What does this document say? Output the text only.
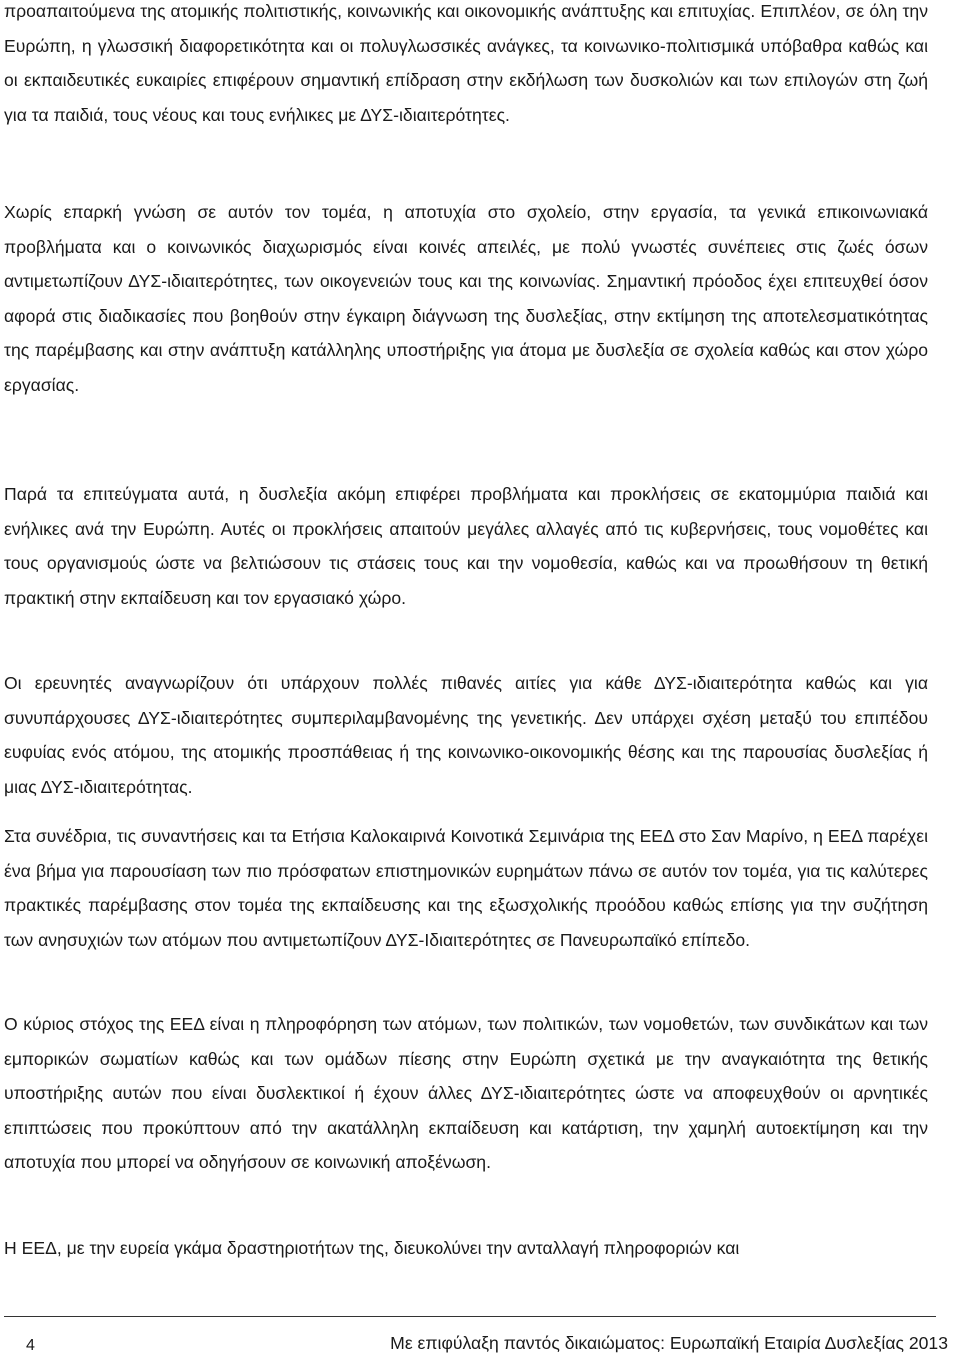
προαπαιτούμενα της ατομικής πολιτιστικής, κοινωνικής και οικονομικής ανάπτυξης και επιτυχίας. Επιπλέον, σε όλη την Ευρώπη, η γλωσσική διαφορετικότητα και οι πολυγλωσσικές ανάγκες, τα κοινωνικο-πολιτισμικά υπόβαθρα καθώς και οι εκπαιδευτικές ευκαιρίες επιφέρουν σημαντική επίδραση στην εκδήλωση των δυσκολιών και των επιλογών στη ζωή για τα παιδιά, τους νέους και τους ενήλικες με ΔΥΣ-ιδιαιτερότητες.

Χωρίς επαρκή γνώση σε αυτόν τον τομέα, η αποτυχία στο σχολείο, στην εργασία, τα γενικά επικοινωνιακά προβλήματα και ο κοινωνικός διαχωρισμός είναι κοινές απειλές, με πολύ γνωστές συνέπειες στις ζωές όσων αντιμετωπίζουν ΔΥΣ-ιδιαιτερότητες, των οικογενειών τους και της κοινωνίας. Σημαντική πρόοδος έχει επιτευχθεί όσον αφορά στις διαδικασίες που βοηθούν στην έγκαιρη διάγνωση της δυσλεξίας, στην εκτίμηση της αποτελεσματικότητας της παρέμβασης και στην ανάπτυξη κατάλληλης υποστήριξης για άτομα με δυσλεξία σε σχολεία καθώς και στον χώρο εργασίας.

Παρά τα επιτεύγματα αυτά, η δυσλεξία ακόμη επιφέρει προβλήματα και προκλήσεις σε εκατομμύρια παιδιά και ενήλικες ανά την Ευρώπη. Αυτές οι προκλήσεις απαιτούν μεγάλες αλλαγές από τις κυβερνήσεις, τους νομοθέτες και τους οργανισμούς ώστε να βελτιώσουν τις στάσεις τους και την νομοθεσία, καθώς και να προωθήσουν τη θετική πρακτική στην εκπαίδευση και τον εργασιακό χώρο.

Οι ερευνητές αναγνωρίζουν ότι υπάρχουν πολλές πιθανές αιτίες για κάθε ΔΥΣ-ιδιαιτερότητα καθώς και για συνυπάρχουσες ΔΥΣ-ιδιαιτερότητες συμπεριλαμβανομένης της γενετικής. Δεν υπάρχει σχέση μεταξύ του επιπέδου ευφυίας ενός ατόμου, της ατομικής προσπάθειας ή της κοινωνικο-οικονομικής θέσης και της παρουσίας δυσλεξίας ή μιας ΔΥΣ-ιδιαιτερότητας.

Στα συνέδρια, τις συναντήσεις και τα Ετήσια Καλοκαιρινά Κοινοτικά Σεμινάρια της ΕΕΔ στο Σαν Μαρίνο, η ΕΕΔ παρέχει ένα βήμα για παρουσίαση των πιο πρόσφατων επιστημονικών ευρημάτων πάνω σε αυτόν τον τομέα, για τις καλύτερες πρακτικές παρέμβασης στον τομέα της εκπαίδευσης και της εξωσχολικής προόδου καθώς επίσης για την συζήτηση των ανησυχιών των ατόμων που αντιμετωπίζουν ΔΥΣ-Ιδιαιτερότητες σε Πανευρωπαϊκό επίπεδο.

Ο κύριος στόχος της ΕΕΔ είναι η πληροφόρηση των ατόμων, των πολιτικών, των νομοθετών, των συνδικάτων και των εμπορικών σωματίων καθώς και των ομάδων πίεσης στην Ευρώπη σχετικά με την αναγκαιότητα της θετικής υποστήριξης αυτών που είναι δυσλεκτικοί ή έχουν άλλες ΔΥΣ-ιδιαιτερότητες ώστε να αποφευχθούν οι αρνητικές επιπτώσεις που προκύπτουν από την ακατάλληλη εκπαίδευση και κατάρτιση, την χαμηλή αυτοεκτίμηση και την αποτυχία που μπορεί να οδηγήσουν σε κοινωνική αποξένωση.

Η ΕΕΔ, με την ευρεία γκάμα δραστηριοτήτων της, διευκολύνει την ανταλλαγή πληροφοριών και

4	Με επιφύλαξη παντός δικαιώματος: Ευρωπαϊκή Εταιρία Δυσλεξίας 2013
